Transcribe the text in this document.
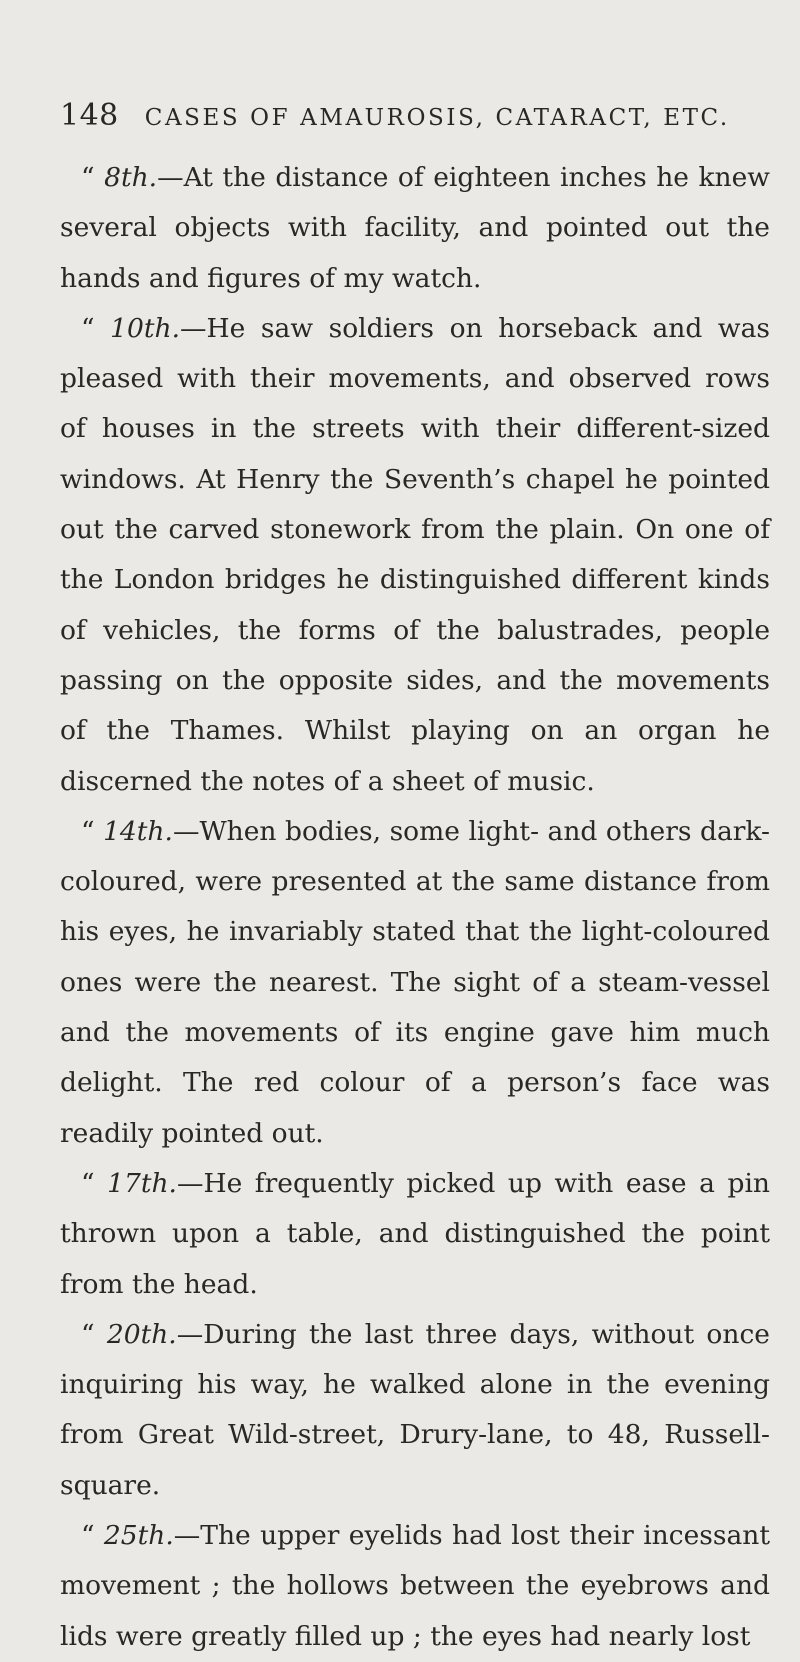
148 CASES OF AMAUROSIS, CATARACT, ETC.

“ 8th.—At the distance of eighteen inches he knew several objects with facility, and pointed out the hands and figures of my watch.

“ 10th.—He saw soldiers on horseback and was pleased with their movements, and observed rows of houses in the streets with their different-sized windows. At Henry the Seventh’s chapel he pointed out the carved stonework from the plain. On one of the London bridges he distinguished different kinds of vehicles, the forms of the balustrades, people passing on the opposite sides, and the movements of the Thames. Whilst playing on an organ he discerned the notes of a sheet of music.

“ 14th.—When bodies, some light- and others dark-coloured, were presented at the same distance from his eyes, he invariably stated that the light-coloured ones were the nearest. The sight of a steam-vessel and the movements of its engine gave him much delight. The red colour of a person’s face was readily pointed out.

“ 17th.—He frequently picked up with ease a pin thrown upon a table, and distinguished the point from the head.

“ 20th.—During the last three days, without once inquiring his way, he walked alone in the evening from Great Wild-street, Drury-lane, to 48, Russell-square.

“ 25th.—The upper eyelids had lost their incessant movement ; the hollows between the eyebrows and lids were greatly filled up ; the eyes had nearly lost
